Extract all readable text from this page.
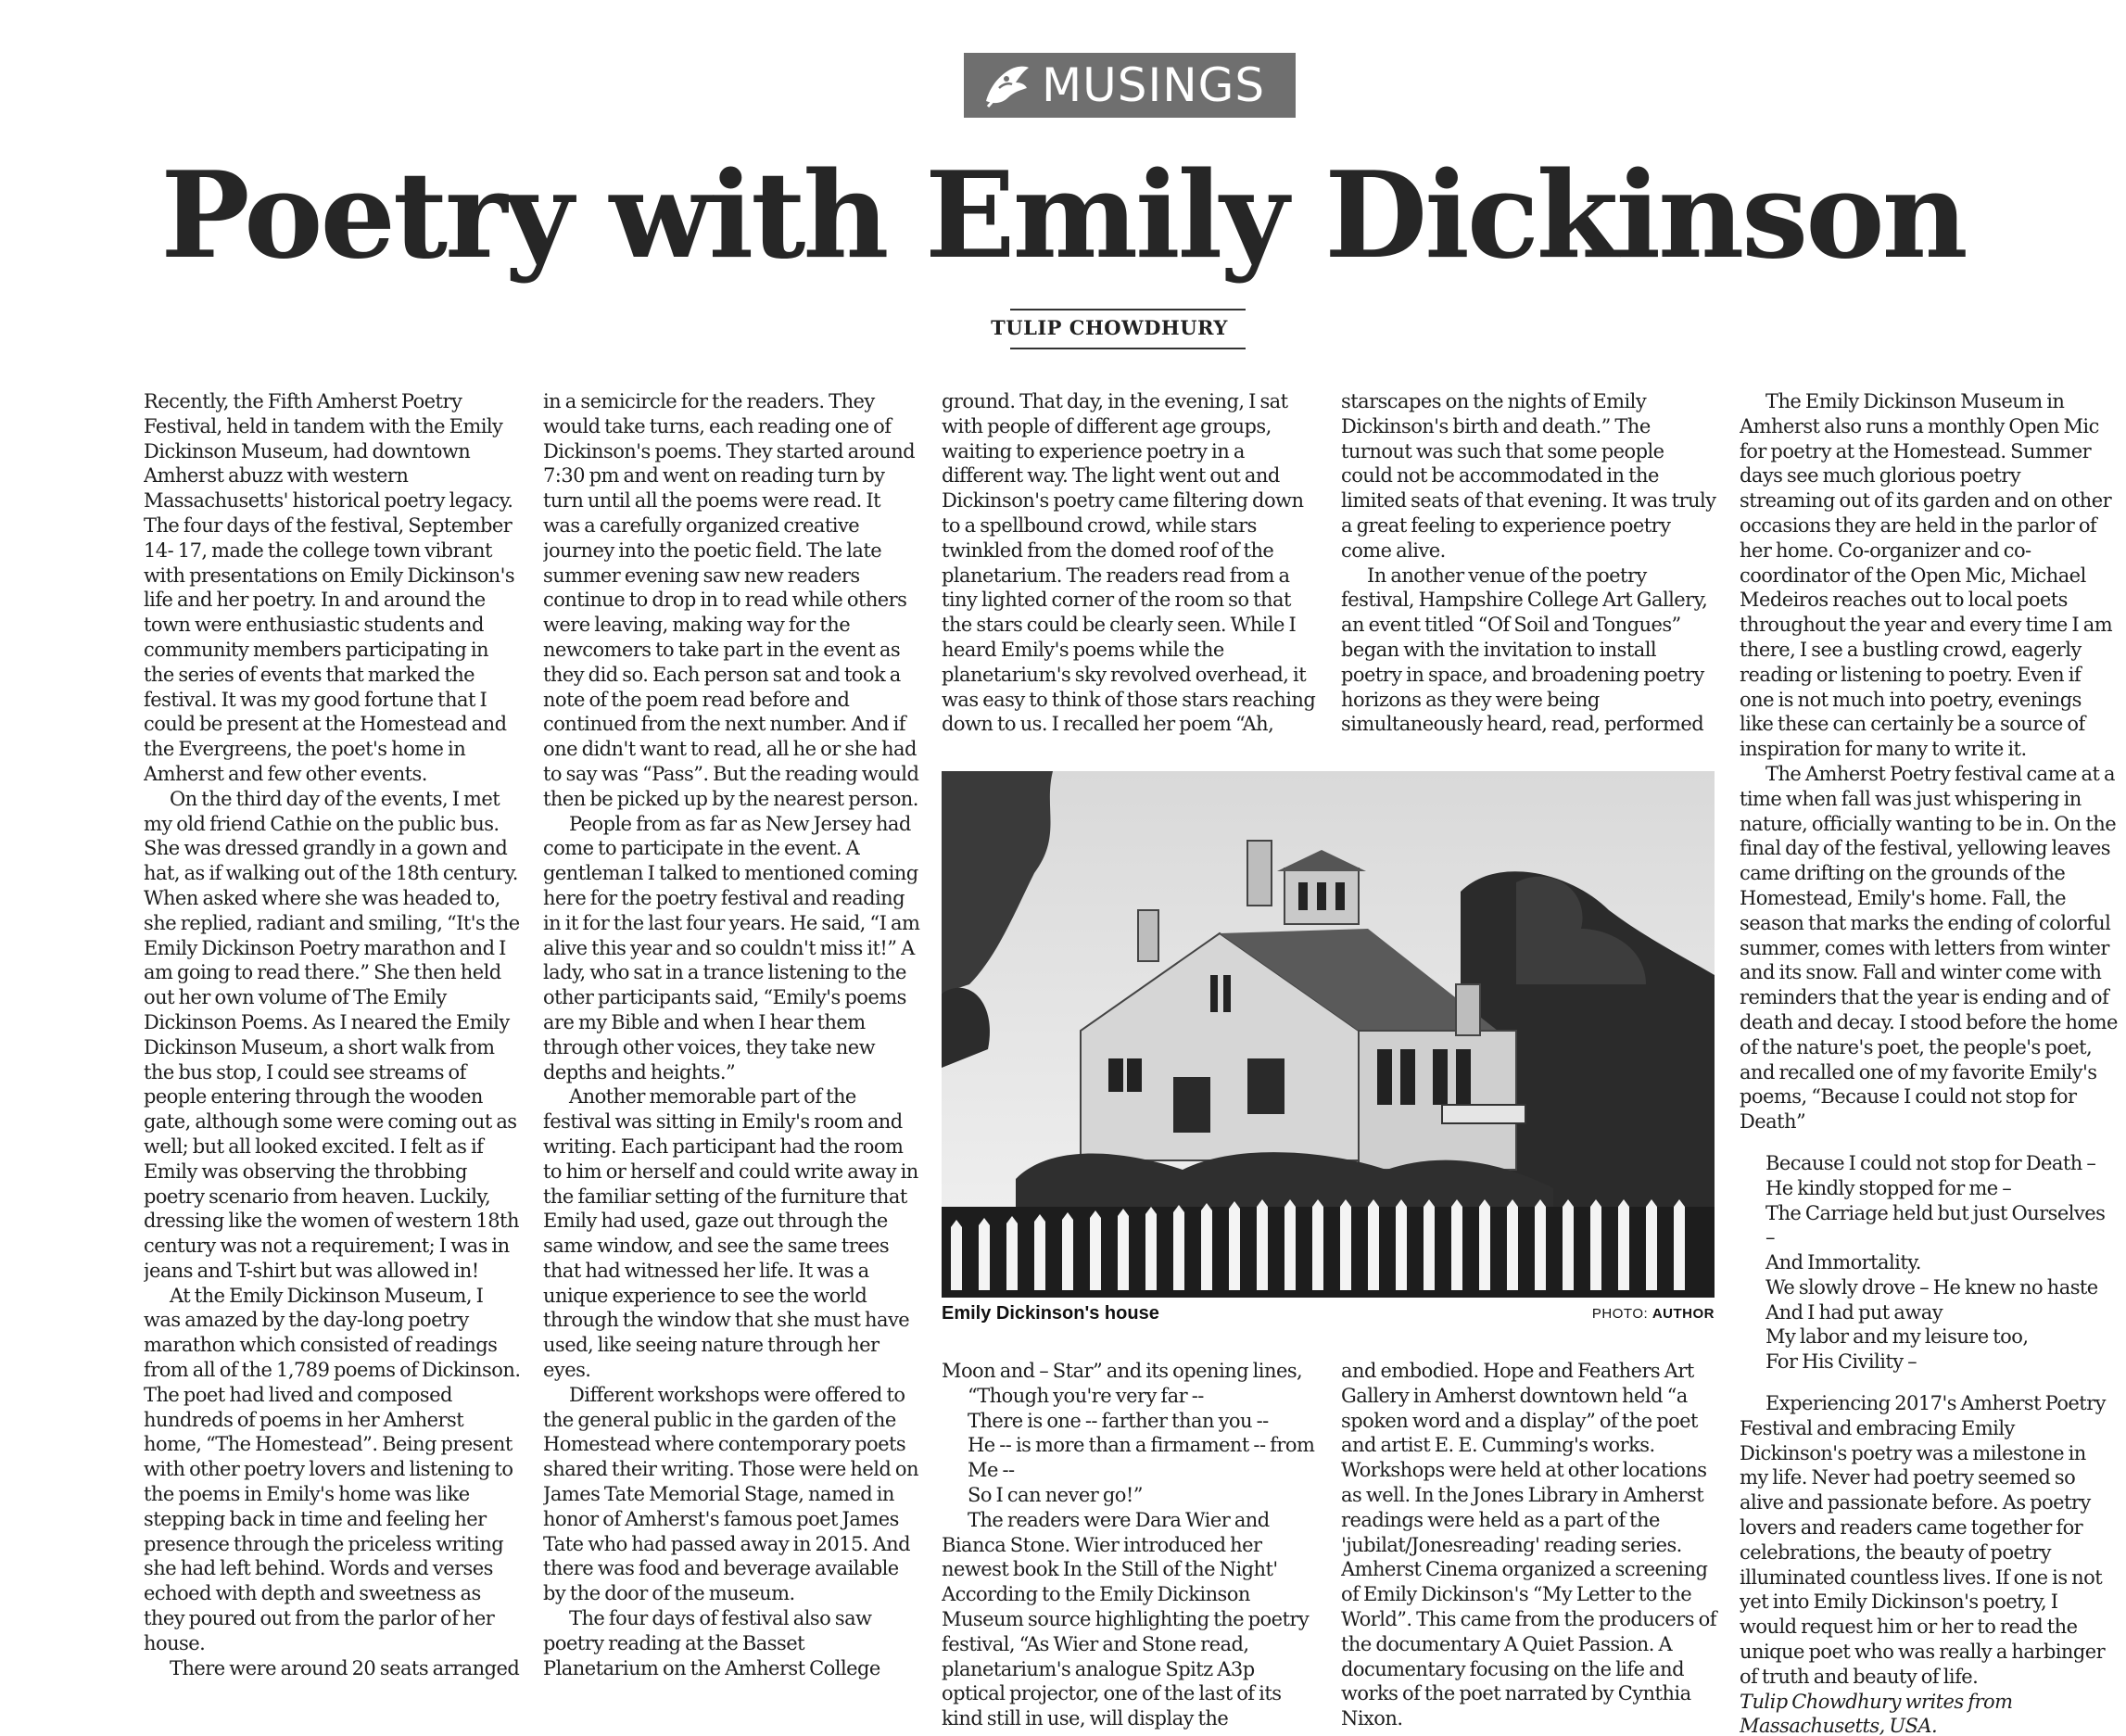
MUSINGS
Poetry with Emily Dickinson
TULIP CHOWDHURY

Recently, the Fifth Amherst Poetry Festival, held in tandem with the Emily Dickinson Museum, had downtown Amherst abuzz with western Massachusetts' historical poetry legacy. The four days of the festival, September 14- 17, made the college town vibrant with presentations on Emily Dickinson's life and her poetry. In and around the town were enthusiastic students and community members participating in the series of events that marked the festival. It was my good fortune that I could be present at the Homestead and the Evergreens, the poet's home in Amherst and few other events.

On the third day of the events, I met my old friend Cathie on the public bus. She was dressed grandly in a gown and hat, as if walking out of the 18th century. When asked where she was headed to, she replied, radiant and smiling, “It's the Emily Dickinson Poetry marathon and I am going to read there.” She then held out her own volume of The Emily Dickinson Poems. As I neared the Emily Dickinson Museum, a short walk from the bus stop, I could see streams of people entering through the wooden gate, although some were coming out as well; but all looked excited. I felt as if Emily was observing the throbbing poetry scenario from heaven. Luckily, dressing like the women of western 18th century was not a requirement; I was in jeans and T-shirt but was allowed in!

At the Emily Dickinson Museum, I was amazed by the day-long poetry marathon which consisted of readings from all of the 1,789 poems of Dickinson. The poet had lived and composed hundreds of poems in her Amherst home, “The Homestead”. Being present with other poetry lovers and listening to the poems in Emily's home was like stepping back in time and feeling her presence through the priceless writing she had left behind. Words and verses echoed with depth and sweetness as they poured out from the parlor of her house.

There were around 20 seats arranged

in a semicircle for the readers. They would take turns, each reading one of Dickinson's poems. They started around 7:30 pm and went on reading turn by turn until all the poems were read. It was a carefully organized creative journey into the poetic field. The late summer evening saw new readers continue to drop in to read while others were leaving, making way for the newcomers to take part in the event as they did so. Each person sat and took a note of the poem read before and continued from the next number. And if one didn't want to read, all he or she had to say was “Pass”. But the reading would then be picked up by the nearest person.

People from as far as New Jersey had come to participate in the event. A gentleman I talked to mentioned coming here for the poetry festival and reading in it for the last four years. He said, “I am alive this year and so couldn't miss it!” A lady, who sat in a trance listening to the other participants said, “Emily's poems are my Bible and when I hear them through other voices, they take new depths and heights.”

Another memorable part of the festival was sitting in Emily's room and writing. Each participant had the room to him or herself and could write away in the familiar setting of the furniture that Emily had used, gaze out through the same window, and see the same trees that had witnessed her life. It was a unique experience to see the world through the window that she must have used, like seeing nature through her eyes.

Different workshops were offered to the general public in the garden of the Homestead where contemporary poets shared their writing. Those were held on James Tate Memorial Stage, named in honor of Amherst's famous poet James Tate who had passed away in 2015. And there was food and beverage available by the door of the museum.

The four days of festival also saw poetry reading at the Basset Planetarium on the Amherst College

ground. That day, in the evening, I sat with people of different age groups, waiting to experience poetry in a different way. The light went out and Dickinson's poetry came filtering down to a spellbound crowd, while stars twinkled from the domed roof of the planetarium. The readers read from a tiny lighted corner of the room so that the stars could be clearly seen. While I heard Emily's poems while the planetarium's sky revolved overhead, it was easy to think of those stars reaching down to us. I recalled her poem “Ah,

starscapes on the nights of Emily Dickinson's birth and death.” The turnout was such that some people could not be accommodated in the limited seats of that evening. It was truly a great feeling to experience poetry come alive.

In another venue of the poetry festival, Hampshire College Art Gallery, an event titled “Of Soil and Tongues” began with the invitation to install poetry in space, and broadening poetry horizons as they were being simultaneously heard, read, performed

Emily Dickinson's house	PHOTO: AUTHOR

Moon and – Star” and its opening lines,

“Though you're very far --

There is one -- farther than you --

He -- is more than a firmament -- from Me --

So I can never go!”

The readers were Dara Wier and Bianca Stone. Wier introduced her newest book In the Still of the Night' According to the Emily Dickinson Museum source highlighting the poetry festival, “As Wier and Stone read, planetarium's analogue Spitz A3p optical projector, one of the last of its kind still in use, will display the

and embodied. Hope and Feathers Art Gallery in Amherst downtown held “a spoken word and a display” of the poet and artist E. E. Cumming's works. Workshops were held at other locations as well. In the Jones Library in Amherst readings were held as a part of the 'jubilat/Jonesreading' reading series. Amherst Cinema organized a screening of Emily Dickinson's “My Letter to the World”. This came from the producers of the documentary A Quiet Passion. A documentary focusing on the life and works of the poet narrated by Cynthia Nixon.

The Emily Dickinson Museum in Amherst also runs a monthly Open Mic for poetry at the Homestead. Summer days see much glorious poetry streaming out of its garden and on other occasions they are held in the parlor of her home. Co-organizer and co-coordinator of the Open Mic, Michael Medeiros reaches out to local poets throughout the year and every time I am there, I see a bustling crowd, eagerly reading or listening to poetry. Even if one is not much into poetry, evenings like these can certainly be a source of inspiration for many to write it.

The Amherst Poetry festival came at a time when fall was just whispering in nature, officially wanting to be in. On the final day of the festival, yellowing leaves came drifting on the grounds of the Homestead, Emily's home. Fall, the season that marks the ending of colorful summer, comes with letters from winter and its snow. Fall and winter come with reminders that the year is ending and of death and decay. I stood before the home of the nature's poet, the people's poet, and recalled one of my favorite Emily's poems, “Because I could not stop for Death”

Because I could not stop for Death –

He kindly stopped for me –

The Carriage held but just Ourselves –

And Immortality.

We slowly drove – He knew no haste

And I had put away

My labor and my leisure too,

For His Civility –

Experiencing 2017's Amherst Poetry Festival and embracing Emily Dickinson's poetry was a milestone in my life. Never had poetry seemed so alive and passionate before. As poetry lovers and readers came together for celebrations, the beauty of poetry illuminated countless lives. If one is not yet into Emily Dickinson's poetry, I would request him or her to read the unique poet who was really a harbinger of truth and beauty of life.

Tulip Chowdhury writes from Massachusetts, USA.
